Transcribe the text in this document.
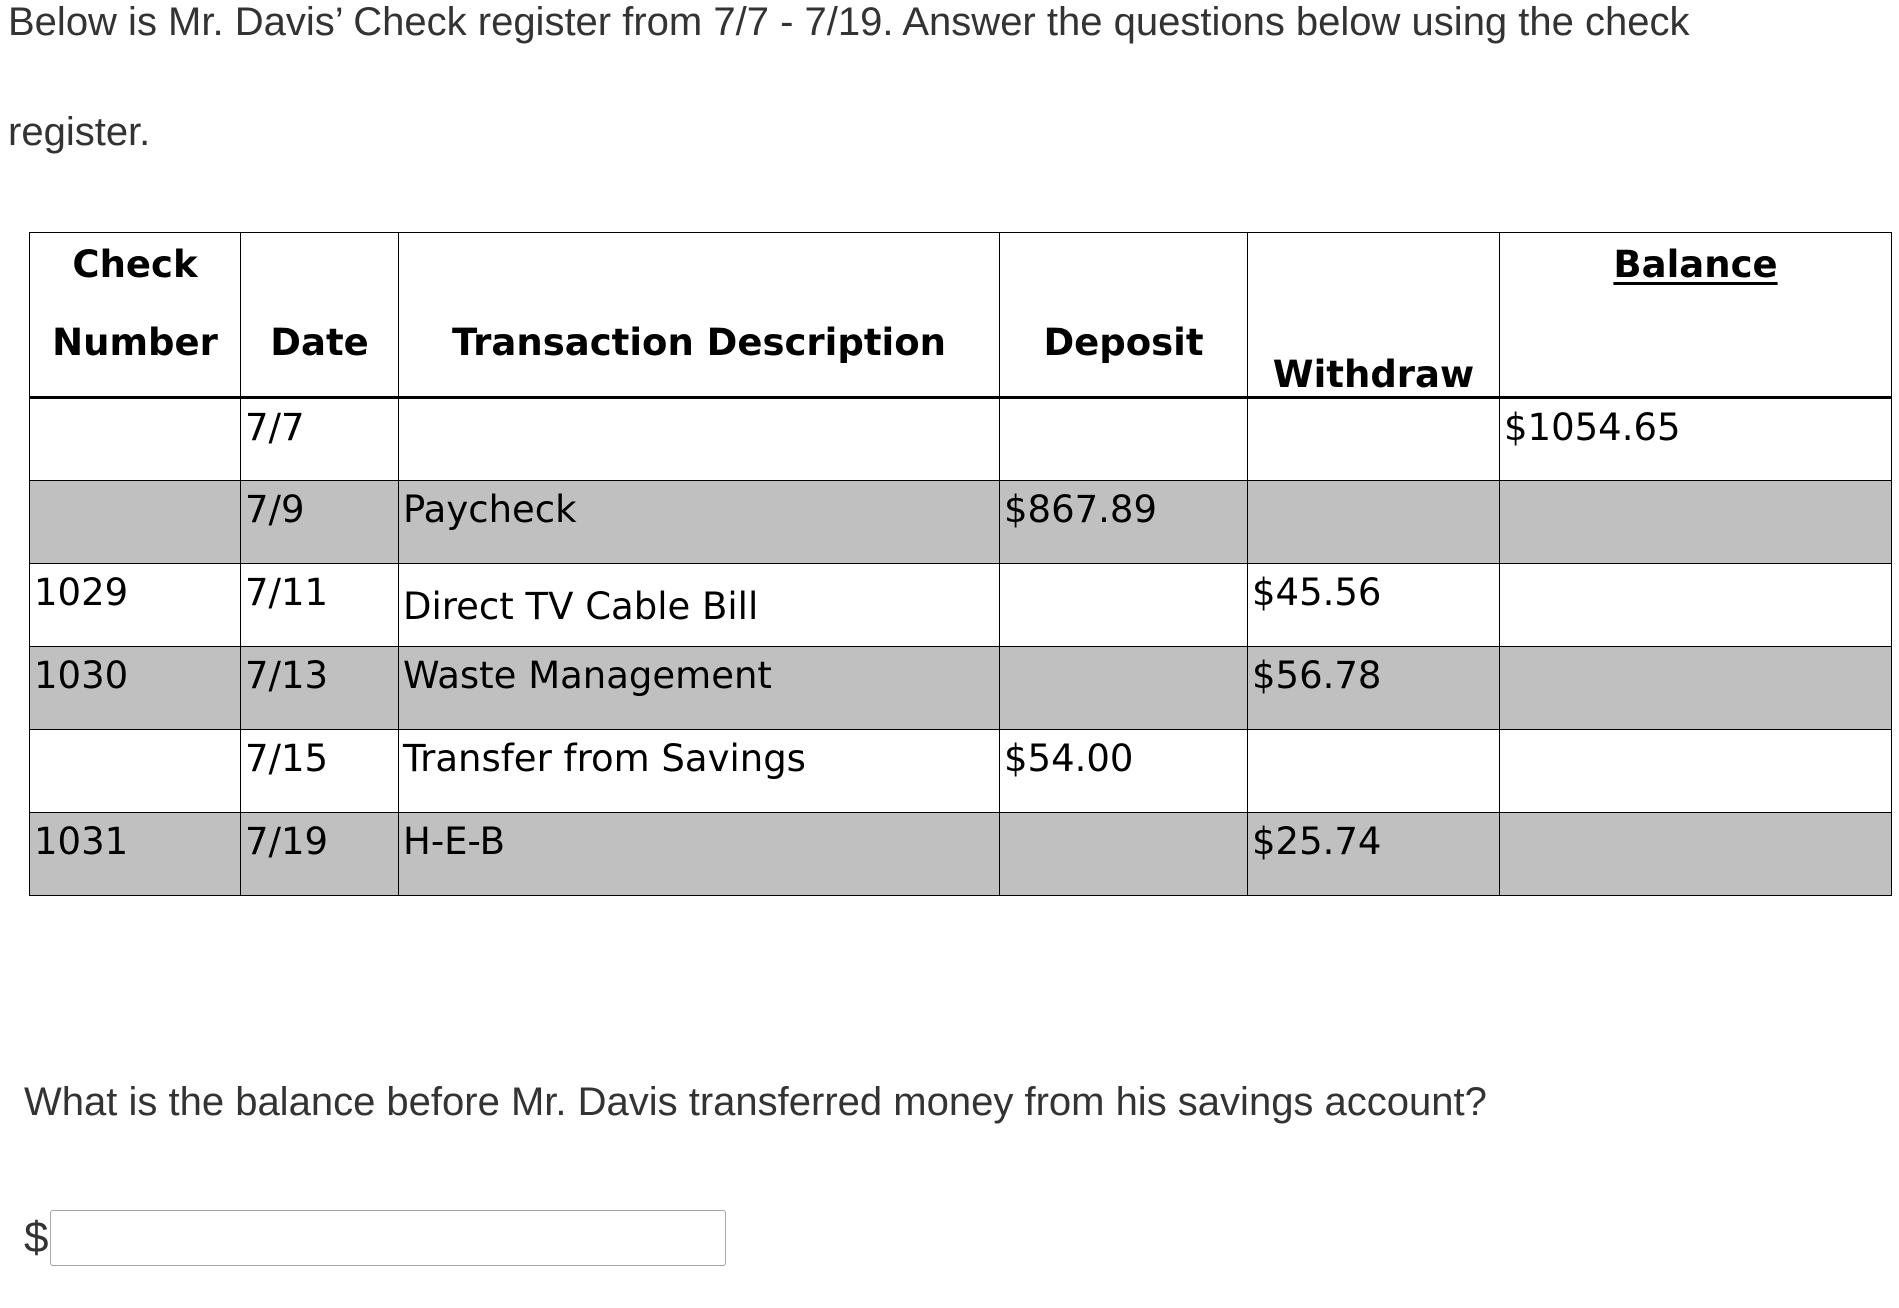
Below is Mr. Davis’ Check register from 7/7 - 7/19. Answer the questions below using the check
register.
Check
Number	Date	Transaction Description	Deposit	Withdraw	Balance

	7/7				$1054.65
	7/9	Paycheck	$867.89		
1029	7/11	Direct TV Cable Bill		$45.56	
1030	7/13	Waste Management		$56.78	
	7/15	Transfer from Savings	$54.00		
1031	7/19	H-E-B		$25.74	

What is the balance before Mr. Davis transferred money from his savings account?

$
